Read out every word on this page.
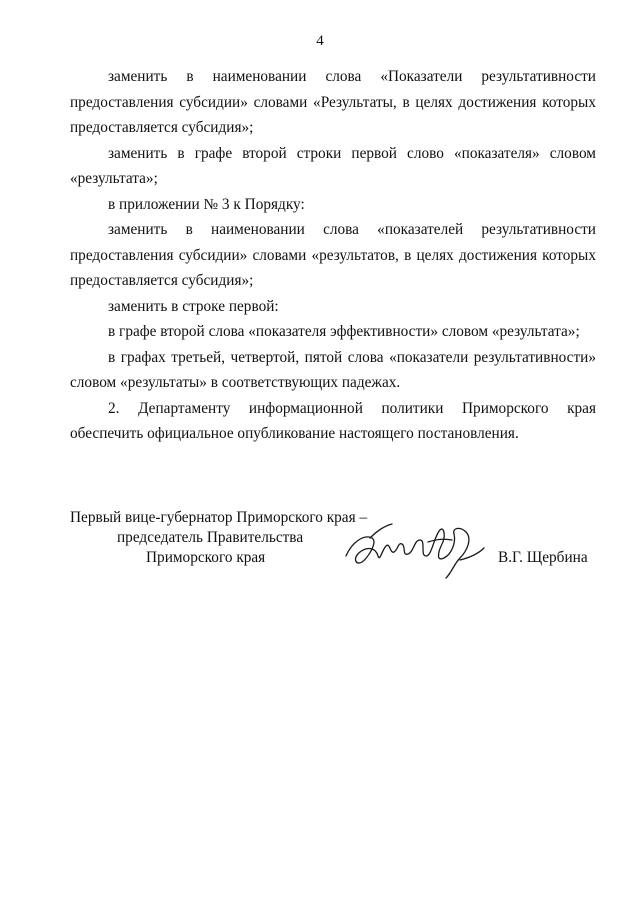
4

заменить в наименовании слова «Показатели результативности предоставления субсидии» словами «Результаты, в целях достижения которых предоставляется субсидия»;

заменить в графе второй строки первой слово «показателя» словом «результата»;

в приложении № 3 к Порядку:

заменить в наименовании слова «показателей результативности предоставления субсидии» словами «результатов, в целях достижения которых предоставляется субсидия»;

заменить в строке первой:

в графе второй слова «показателя эффективности» словом «результата»;

в графах третьей, четвертой, пятой слова «показатели результативности» словом «результаты» в соответствующих падежах.

2. Департаменту информационной политики Приморского края обеспечить официальное опубликование настоящего постановления.

Первый вице-губернатор Приморского края –
председатель Правительства
Приморского края	В.Г. Щербина
